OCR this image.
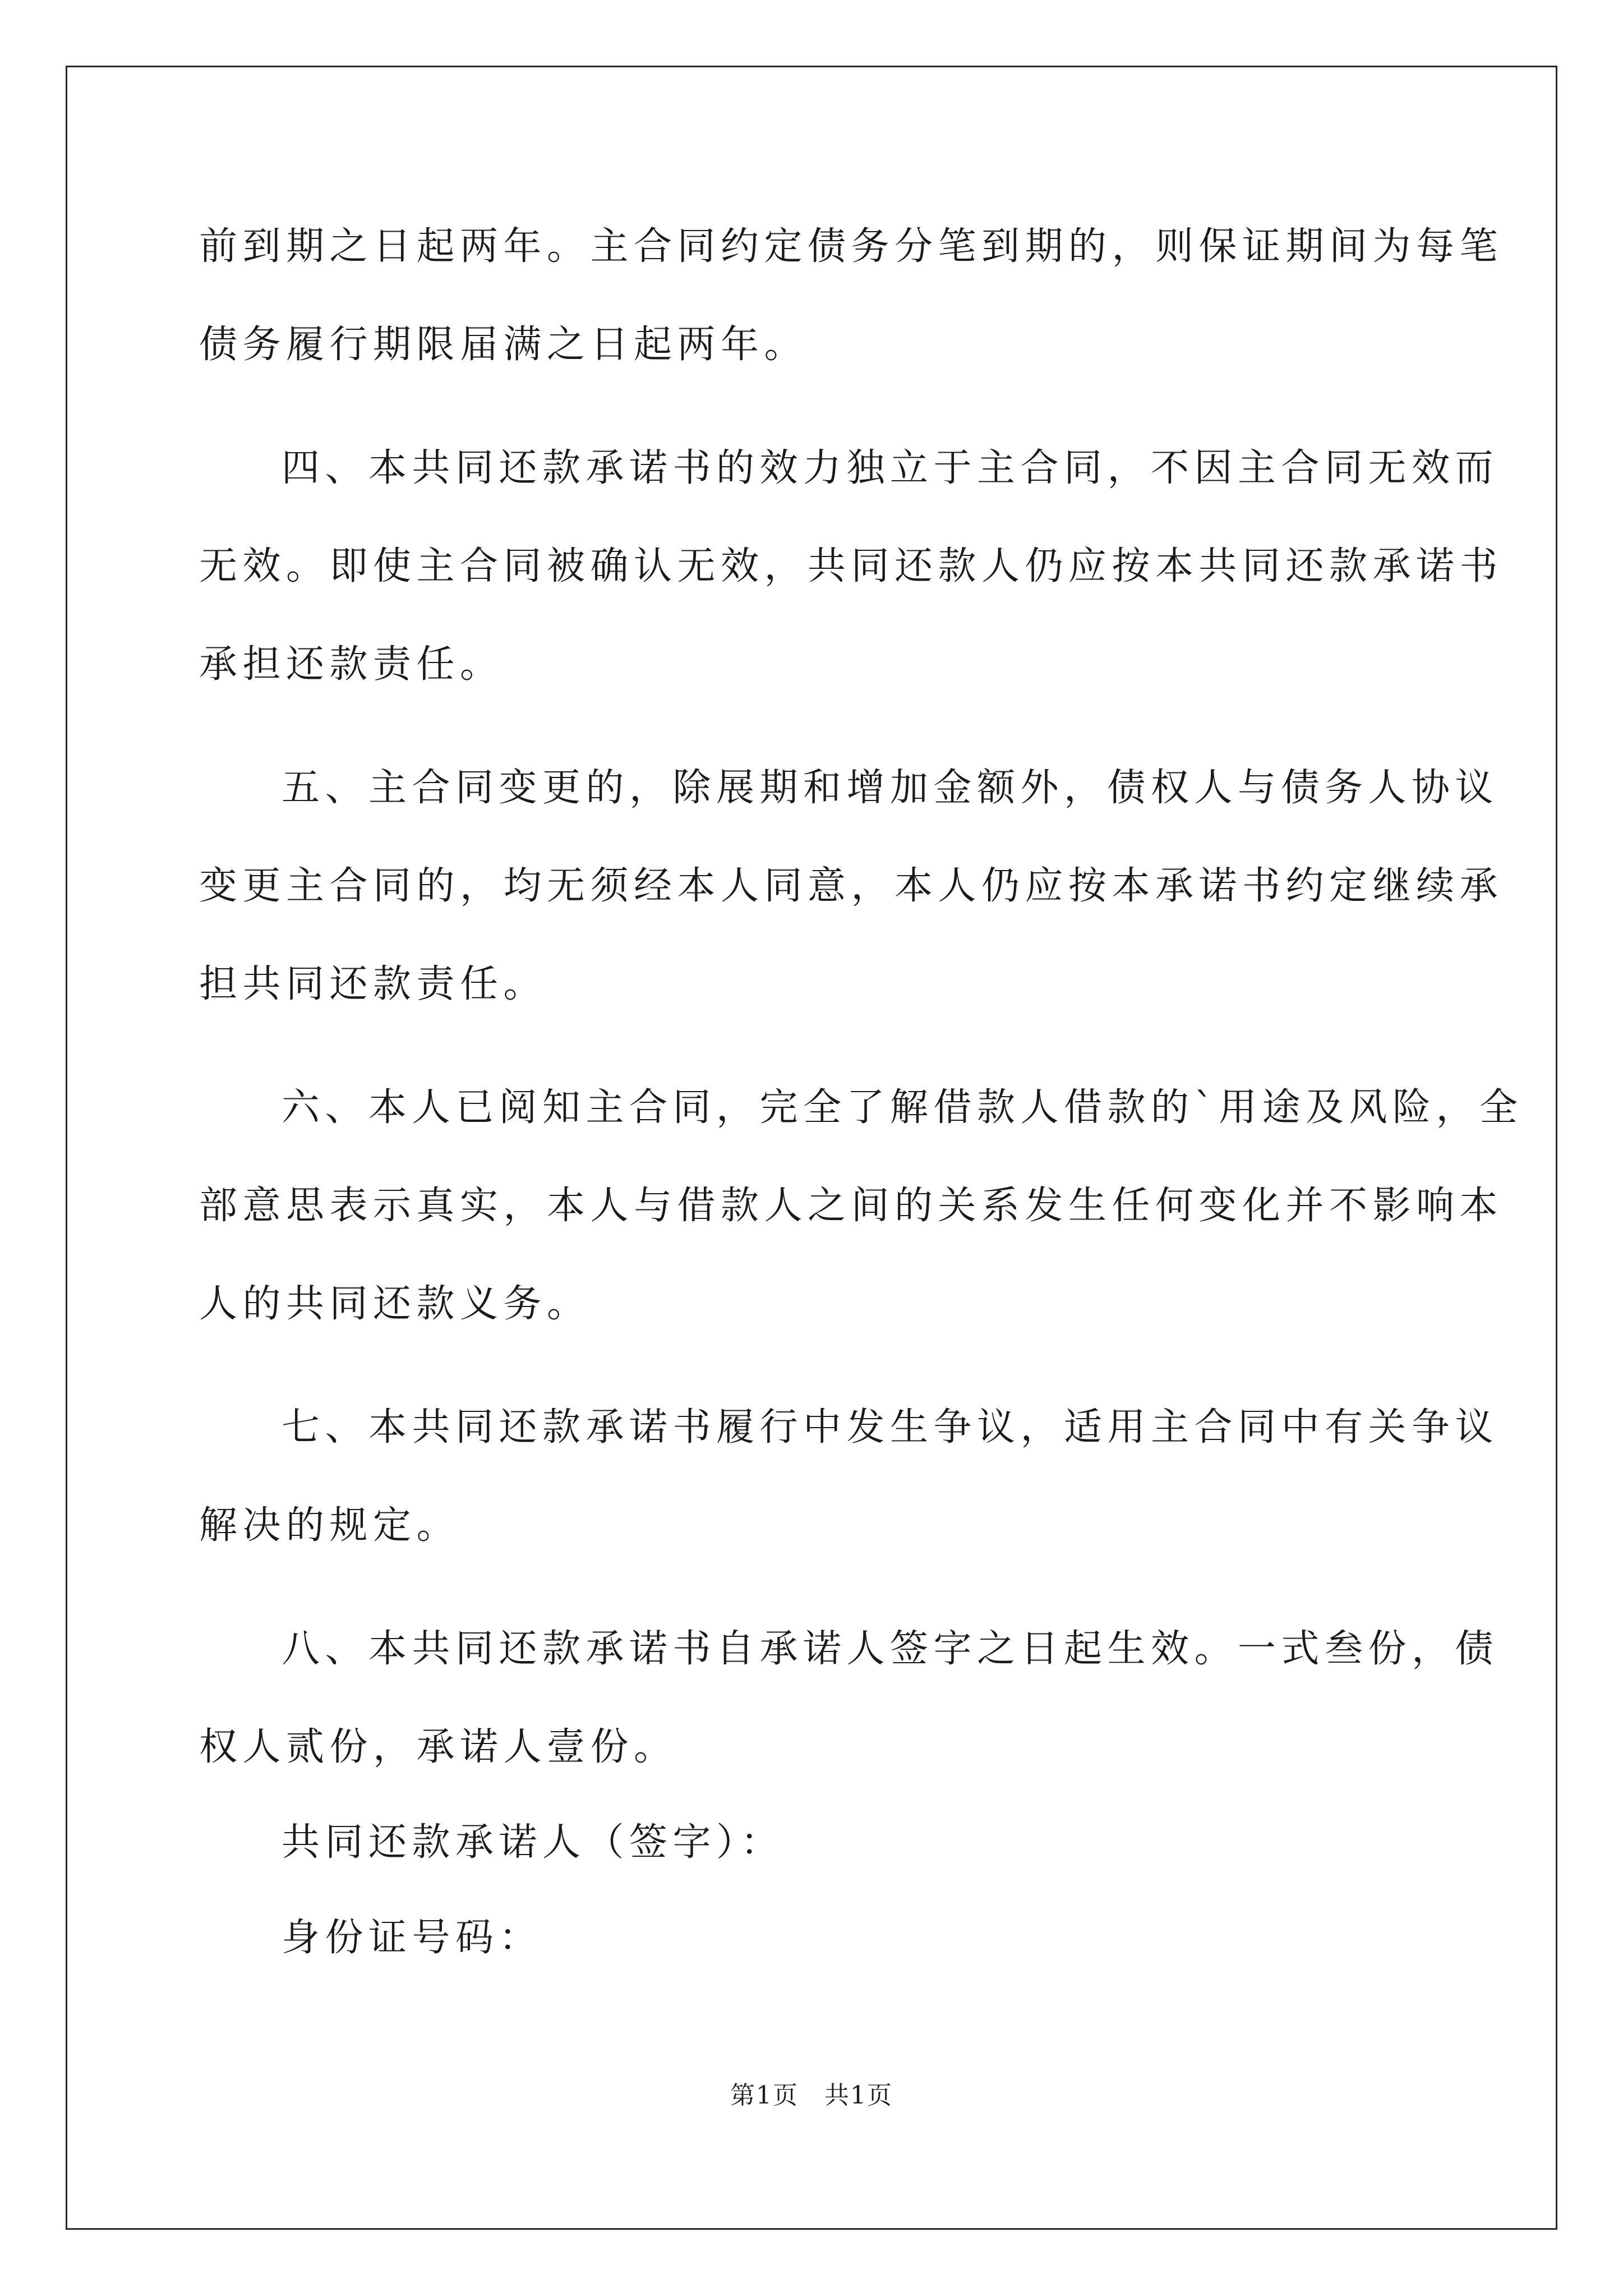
前到期之日起两年。主合同约定债务分笔到期的，则保证期间为每笔
债务履行期限届满之日起两年。
四、本共同还款承诺书的效力独立于主合同，不因主合同无效而
无效。即使主合同被确认无效，共同还款人仍应按本共同还款承诺书
承担还款责任。
五、主合同变更的，除展期和增加金额外，债权人与债务人协议
变更主合同的，均无须经本人同意，本人仍应按本承诺书约定继续承
担共同还款责任。
六、本人已阅知主合同，完全了解借款人借款的`用途及风险，全
部意思表示真实，本人与借款人之间的关系发生任何变化并不影响本
人的共同还款义务。
七、本共同还款承诺书履行中发生争议，适用主合同中有关争议
解决的规定。
八、本共同还款承诺书自承诺人签字之日起生效。一式叁份，债
权人贰份，承诺人壹份。
共同还款承诺人（签字）：
身份证号码：
第1页　共1页
